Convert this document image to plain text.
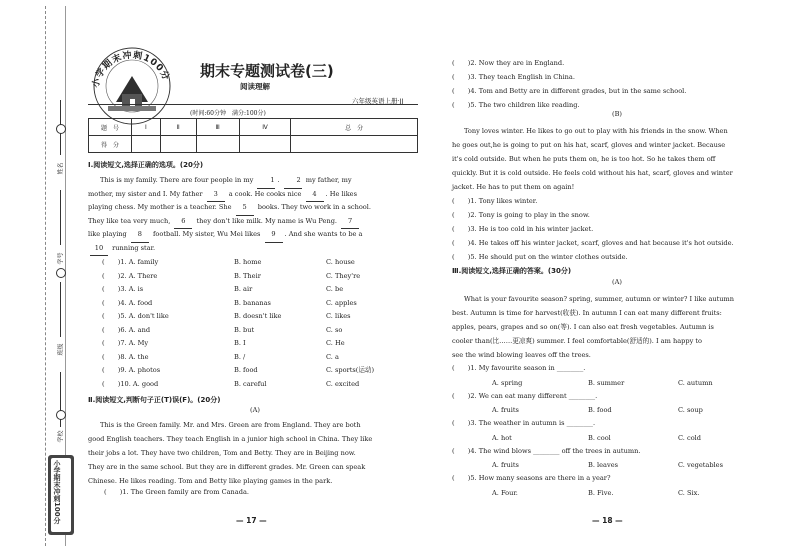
姓名
学号
班级
学校
小学期末冲刺100分
小学期末冲刺100分 期末专题测试卷(三)
阅读理解
六年级英语上册·JJ
(时间:60分钟　满分:100分)
题　号	Ⅰ	Ⅱ	Ⅲ	Ⅳ	总　分
得　分					
Ⅰ.阅读短文,选择正确的选项。(20分)
This is my family. There are four people in my 1 . 2 my father, my
mother, my sister and I. My father 3 a cook. He cooks nice 4 . He likes
playing chess. My mother is a teacher. She 5 books. They two work in a school.
They like tea very much, 6 they don't like milk. My name is Wu Peng. 7
like playing 8 football. My sister, Wu Mei likes 9 . And she wants to be a
10 running star.
(　　)1. A. family	B. home	C. house
(　　)2. A. There	B. Their	C. They're
(　　)3. A. is	B. air	C. be
(　　)4. A. food	B. bananas	C. apples
(　　)5. A. don't like	B. doesn't like	C. likes
(　　)6. A. and	B. but	C. so
(　　)7. A. My	B. I	C. He
(　　)8. A. the	B. /	C. a
(　　)9. A. photos	B. food	C. sports(运动)
(　　)10. A. good	B. careful	C. excited
Ⅱ.阅读短文,判断句子正(T)误(F)。(20分)
(A)
This is the Green family. Mr. and Mrs. Green are from England. They are both
good English teachers. They teach English in a junior high school in China. They like
their jobs a lot. They have two children, Tom and Betty. They are in Beijing now.
They are in the same school. But they are in different grades. Mr. Green can speak
Chinese. He likes reading. Tom and Betty like playing games in the park.
(　　)1. The Green family are from Canada.
— 17 —
(　　)2. Now they are in England.
(　　)3. They teach English in China.
(　　)4. Tom and Betty are in different grades, but in the same school.
(　　)5. The two children like reading.
(B)
Tony loves winter. He likes to go out to play with his friends in the snow. When
he goes out,he is going to put on his hat, scarf, gloves and winter jacket. Because
it's cold outside. But when he puts them on, he is too hot. So he takes them off
quickly. But it is cold outside. He feels cold without his hat, scarf, gloves and winter
jacket. He has to put them on again!
(　　)1. Tony likes winter.
(　　)2. Tony is going to play in the snow.
(　　)3. He is too cold in his winter jacket.
(　　)4. He takes off his winter jacket, scarf, gloves and hat because it's hot outside.
(　　)5. He should put on the winter clothes outside.
Ⅲ.阅读短文,选择正确的答案。(30分)
(A)
What is your favourite season? spring, summer, autumn or winter? I like autumn
best. Autumn is time for harvest(收获). In autumn I can eat many different fruits:
apples, pears, grapes and so on(等). I can also eat fresh vegetables. Autumn is
cooler than(比……更凉爽) summer. I feel comfortable(舒适的). I am happy to
see the wind blowing leaves off the trees.
(　　)1. My favourite season in ________.
A. spring	B. summer	C. autumn
(　　)2. We can eat many different ________.
A. fruits	B. food	C. soup
(　　)3. The weather in autumn is ________.
A. hot	B. cool	C. cold
(　　)4. The wind blows ________ off the trees in autumn.
A. fruits	B. leaves	C. vegetables
(　　)5. How many seasons are there in a year?
A. Four.	B. Five.	C. Six.
— 18 —
